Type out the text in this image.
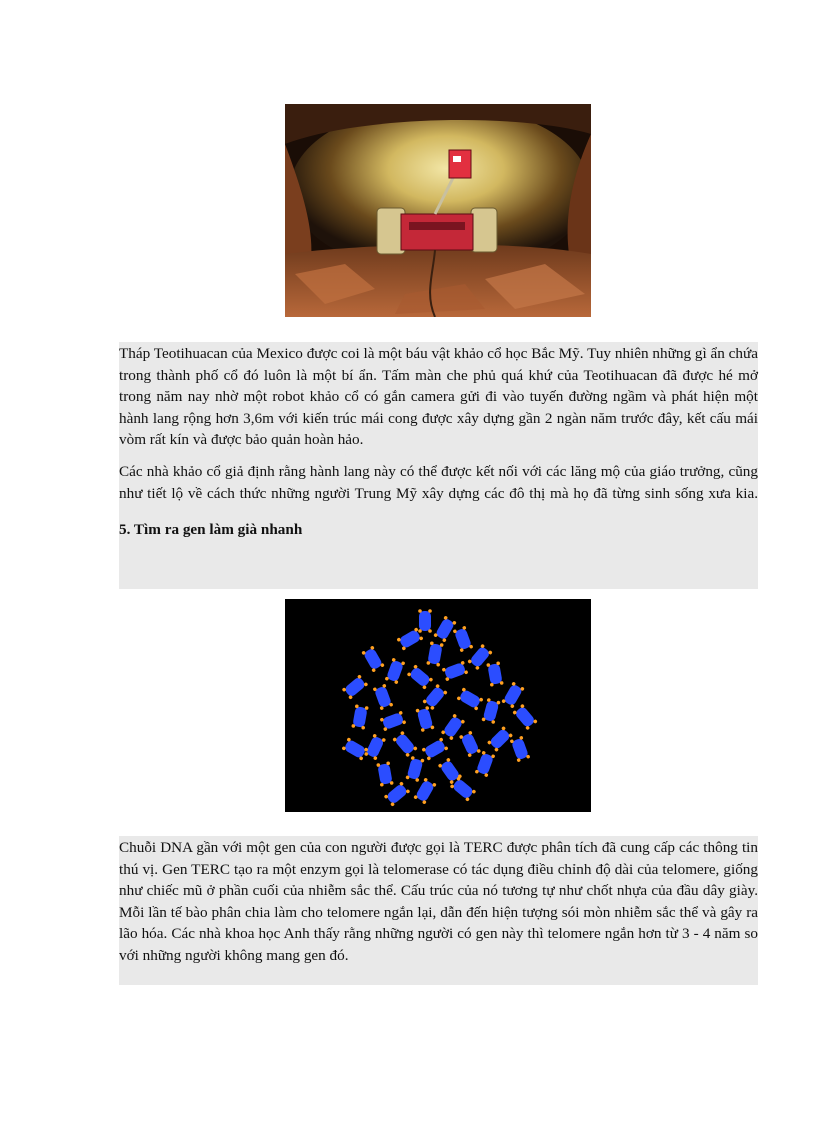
Tháp Teotihuacan của Mexico được coi là một báu vật khảo cổ học Bắc Mỹ. Tuy nhiên những gì ẩn chứa trong thành phố cổ đó luôn là một bí ẩn. Tấm màn che phủ quá khứ của Teotihuacan đã được hé mở trong năm nay nhờ một robot khảo cổ có gắn camera gửi đi vào tuyến đường ngầm và phát hiện một hành lang rộng hơn 3,6m với kiến trúc mái cong được xây dựng gần 2 ngàn năm trước đây, kết cấu mái vòm rất kín và được bảo quản hoàn hảo.

Các nhà khảo cổ giả định rằng hành lang này có thể được kết nối với các lăng mộ của giáo trưởng, cũng như tiết lộ về cách thức những người Trung Mỹ xây dựng các đô thị mà họ đã từng sinh sống xưa kia.

5. Tìm ra gen làm già nhanh

Chuỗi DNA gần với một gen của con người được gọi là TERC được phân tích đã cung cấp các thông tin thú vị. Gen TERC tạo ra một enzym gọi là telomerase có tác dụng điều chỉnh độ dài của telomere, giống như chiếc mũ ở phần cuối của nhiễm sắc thể. Cấu trúc của nó tương tự như chốt nhựa của đầu dây giày. Mỗi lần tế bào phân chia làm cho telomere ngắn lại, dẫn đến hiện tượng sói mòn nhiễm sắc thể và gây ra lão hóa. Các nhà khoa học Anh thấy rằng những người có gen này thì telomere ngắn hơn từ 3 - 4 năm so với những người không mang gen đó.
